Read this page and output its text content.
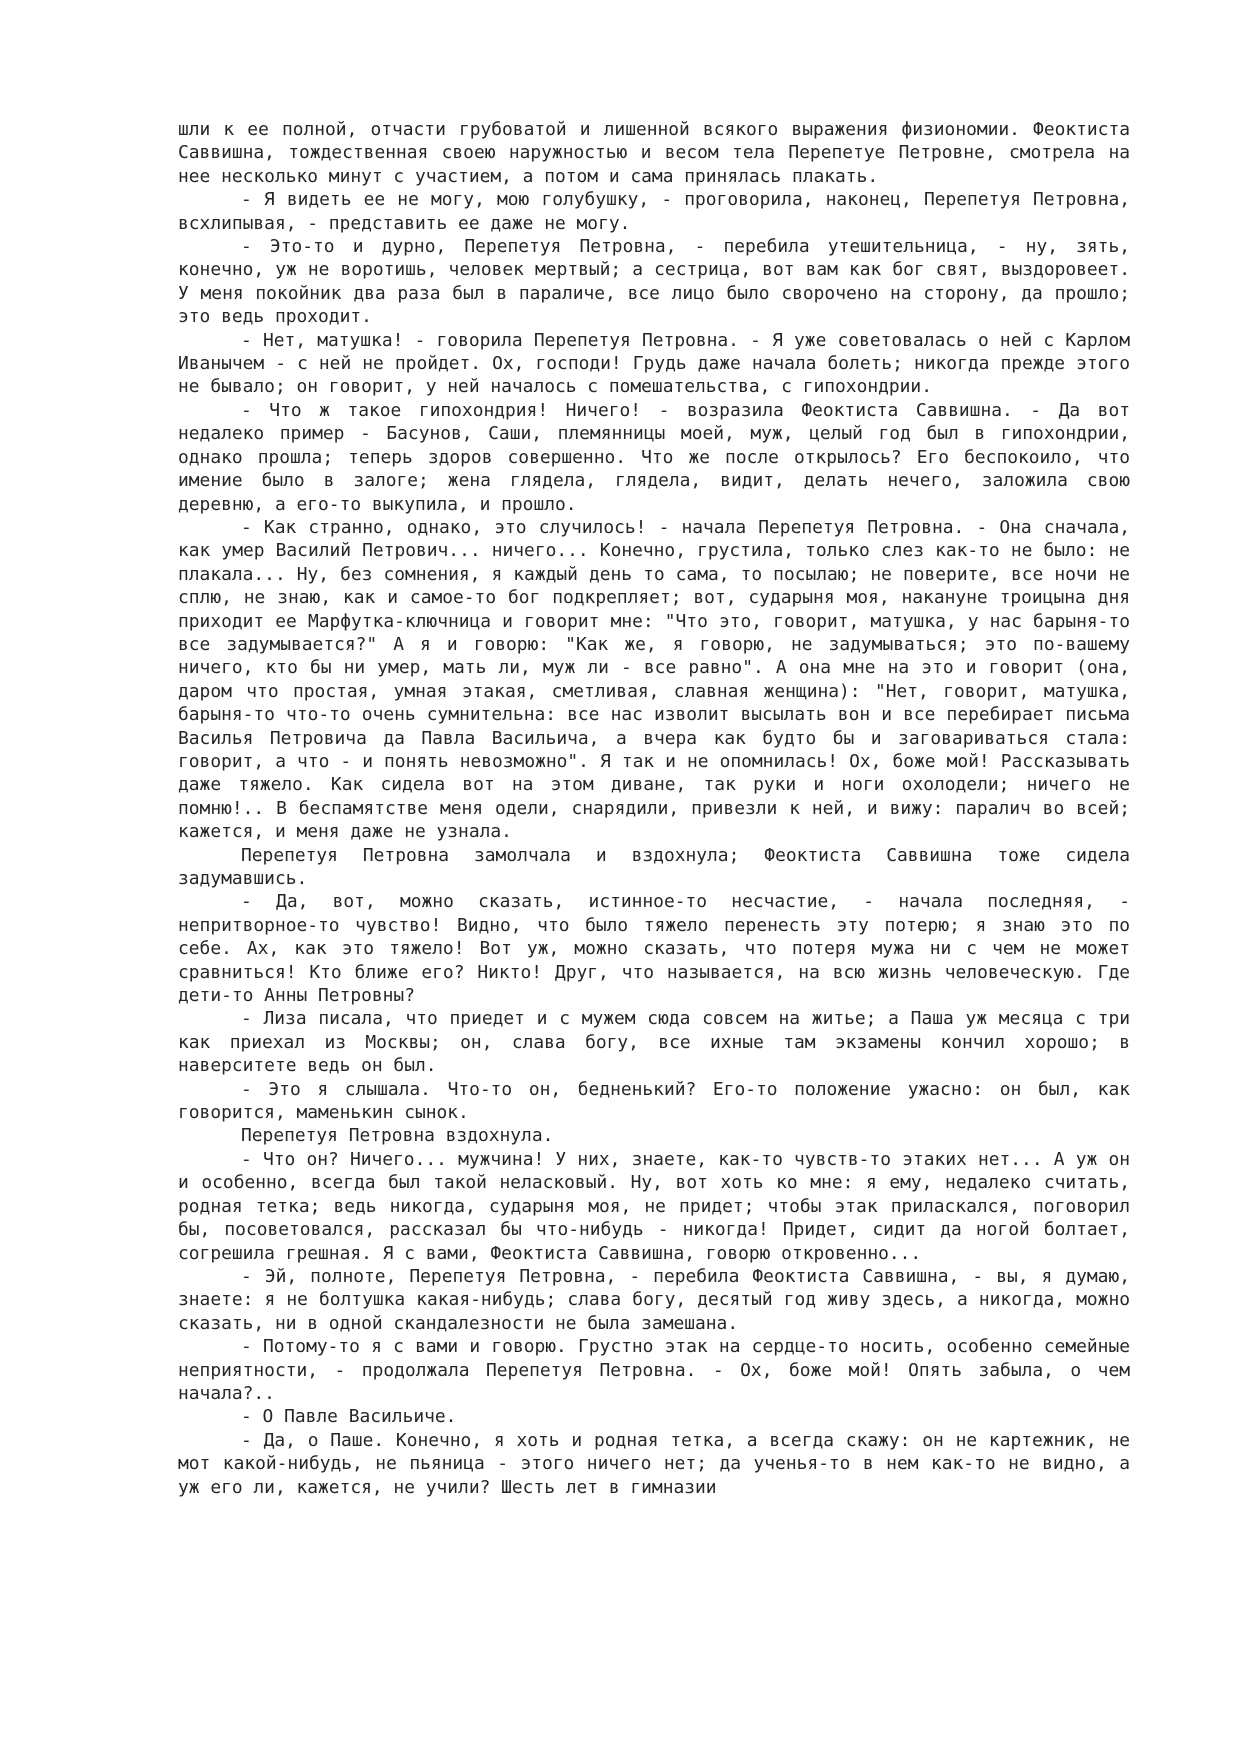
шли к ее полной, отчасти грубоватой и лишенной всякого выражения физиономии. Феоктиста Саввишна, тождественная своею наружностью и весом тела Перепетуе Петровне, смотрела на нее несколько минут с участием, а потом и сама принялась плакать.

- Я видеть ее не могу, мою голубушку, - проговорила, наконец, Перепетуя Петровна, всхлипывая, - представить ее даже не могу.

- Это-то и дурно, Перепетуя Петровна, - перебила утешительница, - ну, зять, конечно, уж не воротишь, человек мертвый; а сестрица, вот вам как бог свят, выздоровеет. У меня покойник два раза был в параличе, все лицо было сворочено на сторону, да прошло; это ведь проходит.

- Нет, матушка! - говорила Перепетуя Петровна. - Я уже советовалась о ней с Карлом Иванычем - с ней не пройдет. Ох, господи! Грудь даже начала болеть; никогда прежде этого не бывало; он говорит, у ней началось с помешательства, с гипохондрии.

- Что ж такое гипохондрия! Ничего! - возразила Феоктиста Саввишна. - Да вот недалеко пример - Басунов, Саши, племянницы моей, муж, целый год был в гипохондрии, однако прошла; теперь здоров совершенно. Что же после открылось? Его беспокоило, что имение было в залоге; жена глядела, глядела, видит, делать нечего, заложила свою деревню, а его-то выкупила, и прошло.

- Как странно, однако, это случилось! - начала Перепетуя Петровна. - Она сначала, как умер Василий Петрович... ничего... Конечно, грустила, только слез как-то не было: не плакала... Ну, без сомнения, я каждый день то сама, то посылаю; не поверите, все ночи не сплю, не знаю, как и самое-то бог подкрепляет; вот, сударыня моя, накануне троицына дня приходит ее Марфутка-ключница и говорит мне: "Что это, говорит, матушка, у нас барыня-то все задумывается?" А я и говорю: "Как же, я говорю, не задумываться; это по-вашему ничего, кто бы ни умер, мать ли, муж ли - все равно". А она мне на это и говорит (она, даром что простая, умная этакая, сметливая, славная женщина): "Нет, говорит, матушка, барыня-то что-то очень сумнительна: все нас изволит высылать вон и все перебирает письма Василья Петровича да Павла Васильича, а вчера как будто бы и заговариваться стала: говорит, а что - и понять невозможно". Я так и не опомнилась! Ох, боже мой! Рассказывать даже тяжело. Как сидела вот на этом диване, так руки и ноги охолодели; ничего не помню!.. В беспамятстве меня одели, снарядили, привезли к ней, и вижу: паралич во всей; кажется, и меня даже не узнала.

Перепетуя Петровна замолчала и вздохнула; Феоктиста Саввишна тоже сидела задумавшись.

- Да, вот, можно сказать, истинное-то несчастие, - начала последняя, - непритворное-то чувство! Видно, что было тяжело перенесть эту потерю; я знаю это по себе. Ах, как это тяжело! Вот уж, можно сказать, что потеря мужа ни с чем не может сравниться! Кто ближе его? Никто! Друг, что называется, на всю жизнь человеческую. Где дети-то Анны Петровны?

- Лиза писала, что приедет и с мужем сюда совсем на житье; а Паша уж месяца с три как приехал из Москвы; он, слава богу, все ихные там экзамены кончил хорошо; в наверситете ведь он был.

- Это я слышала. Что-то он, бедненький? Его-то положение ужасно: он был, как говорится, маменькин сынок.

Перепетуя Петровна вздохнула.

- Что он? Ничего... мужчина! У них, знаете, как-то чувств-то этаких нет... А уж он и особенно, всегда был такой неласковый. Ну, вот хоть ко мне: я ему, недалеко считать, родная тетка; ведь никогда, сударыня моя, не придет; чтобы этак приласкался, поговорил бы, посоветовался, рассказал бы что-нибудь - никогда! Придет, сидит да ногой болтает, согрешила грешная. Я с вами, Феоктиста Саввишна, говорю откровенно...

- Эй, полноте, Перепетуя Петровна, - перебила Феоктиста Саввишна, - вы, я думаю, знаете: я не болтушка какая-нибудь; слава богу, десятый год живу здесь, а никогда, можно сказать, ни в одной скандалезности не была замешана.

- Потому-то я с вами и говорю. Грустно этак на сердце-то носить, особенно семейные неприятности, - продолжала Перепетуя Петровна. - Ох, боже мой! Опять забыла, о чем начала?..

- О Павле Васильиче.

- Да, о Паше. Конечно, я хоть и родная тетка, а всегда скажу: он не картежник, не мот какой-нибудь, не пьяница - этого ничего нет; да ученья-то в нем как-то не видно, а уж его ли, кажется, не учили? Шесть лет в гимназии
